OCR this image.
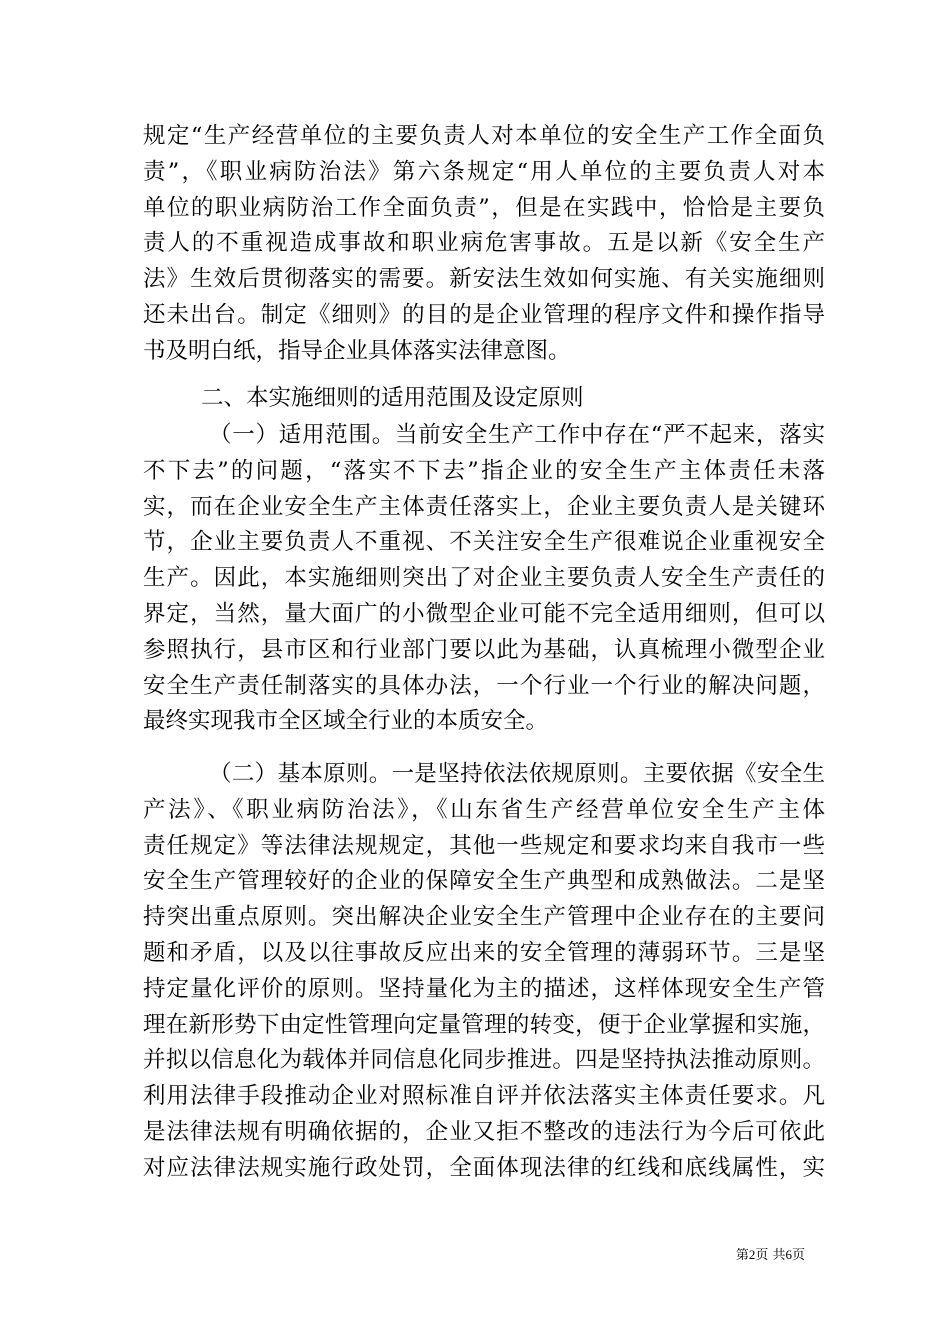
规定“生产经营单位的主要负责人对本单位的安全生产工作全面负
责”，《职业病防治法》第六条规定“用人单位的主要负责人对本
单位的职业病防治工作全面负责”，但是在实践中，恰恰是主要负
责人的不重视造成事故和职业病危害事故。五是以新《安全生产
法》生效后贯彻落实的需要。新安法生效如何实施、有关实施细则
还未出台。制定《细则》的目的是企业管理的程序文件和操作指导
书及明白纸，指导企业具体落实法律意图。
二、本实施细则的适用范围及设定原则
（一）适用范围。当前安全生产工作中存在“严不起来，落实
不下去”的问题，“落实不下去”指企业的安全生产主体责任未落
实，而在企业安全生产主体责任落实上，企业主要负责人是关键环
节，企业主要负责人不重视、不关注安全生产很难说企业重视安全
生产。因此，本实施细则突出了对企业主要负责人安全生产责任的
界定，当然，量大面广的小微型企业可能不完全适用细则，但可以
参照执行，县市区和行业部门要以此为基础，认真梳理小微型企业
安全生产责任制落实的具体办法，一个行业一个行业的解决问题，
最终实现我市全区域全行业的本质安全。
（二）基本原则。一是坚持依法依规原则。主要依据《安全生
产法》、《职业病防治法》，《山东省生产经营单位安全生产主体
责任规定》等法律法规规定，其他一些规定和要求均来自我市一些
安全生产管理较好的企业的保障安全生产典型和成熟做法。二是坚
持突出重点原则。突出解决企业安全生产管理中企业存在的主要问
题和矛盾，以及以往事故反应出来的安全管理的薄弱环节。三是坚
持定量化评价的原则。坚持量化为主的描述，这样体现安全生产管
理在新形势下由定性管理向定量管理的转变，便于企业掌握和实施，
并拟以信息化为载体并同信息化同步推进。四是坚持执法推动原则。
利用法律手段推动企业对照标准自评并依法落实主体责任要求。凡
是法律法规有明确依据的，企业又拒不整改的违法行为今后可依此
对应法律法规实施行政处罚，全面体现法律的红线和底线属性，实
第2页 共6页
